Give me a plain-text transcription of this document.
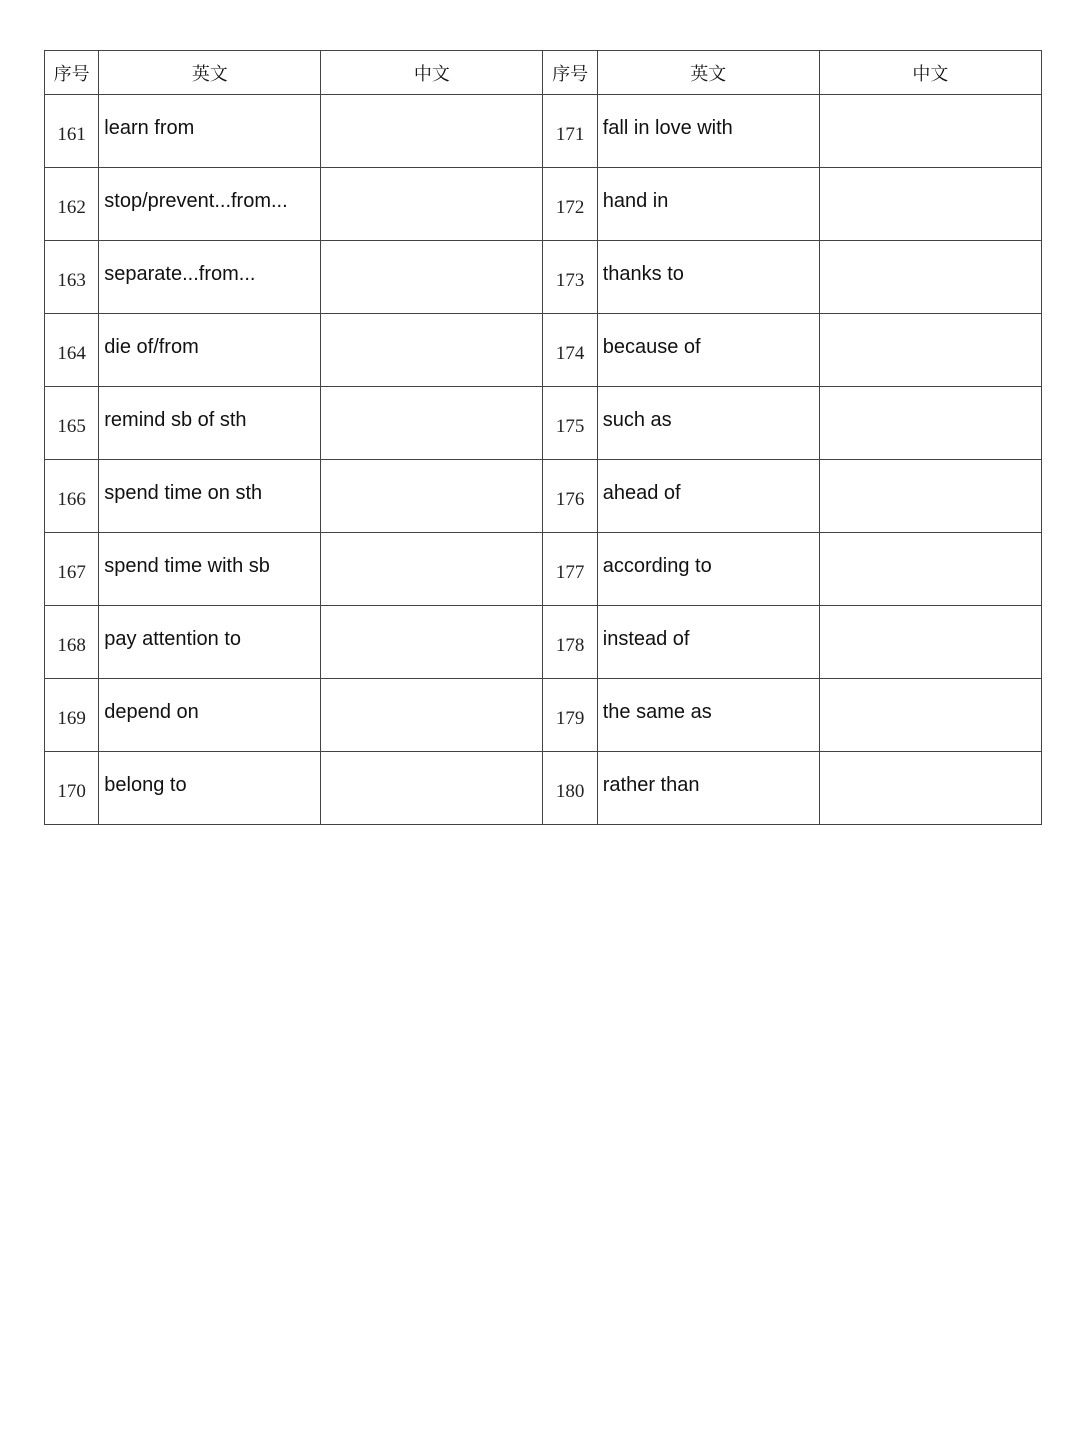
序号	英文	中文	序号	英文	中文
161	learn from		171	fall in love with	
162	stop/prevent...from...		172	hand in	
163	separate...from...		173	thanks to	
164	die of/from		174	because of	
165	remind sb of sth		175	such as	
166	spend time on sth		176	ahead of	
167	spend time with sb		177	according to	
168	pay attention to		178	instead of	
169	depend on		179	the same as	
170	belong to		180	rather than	
